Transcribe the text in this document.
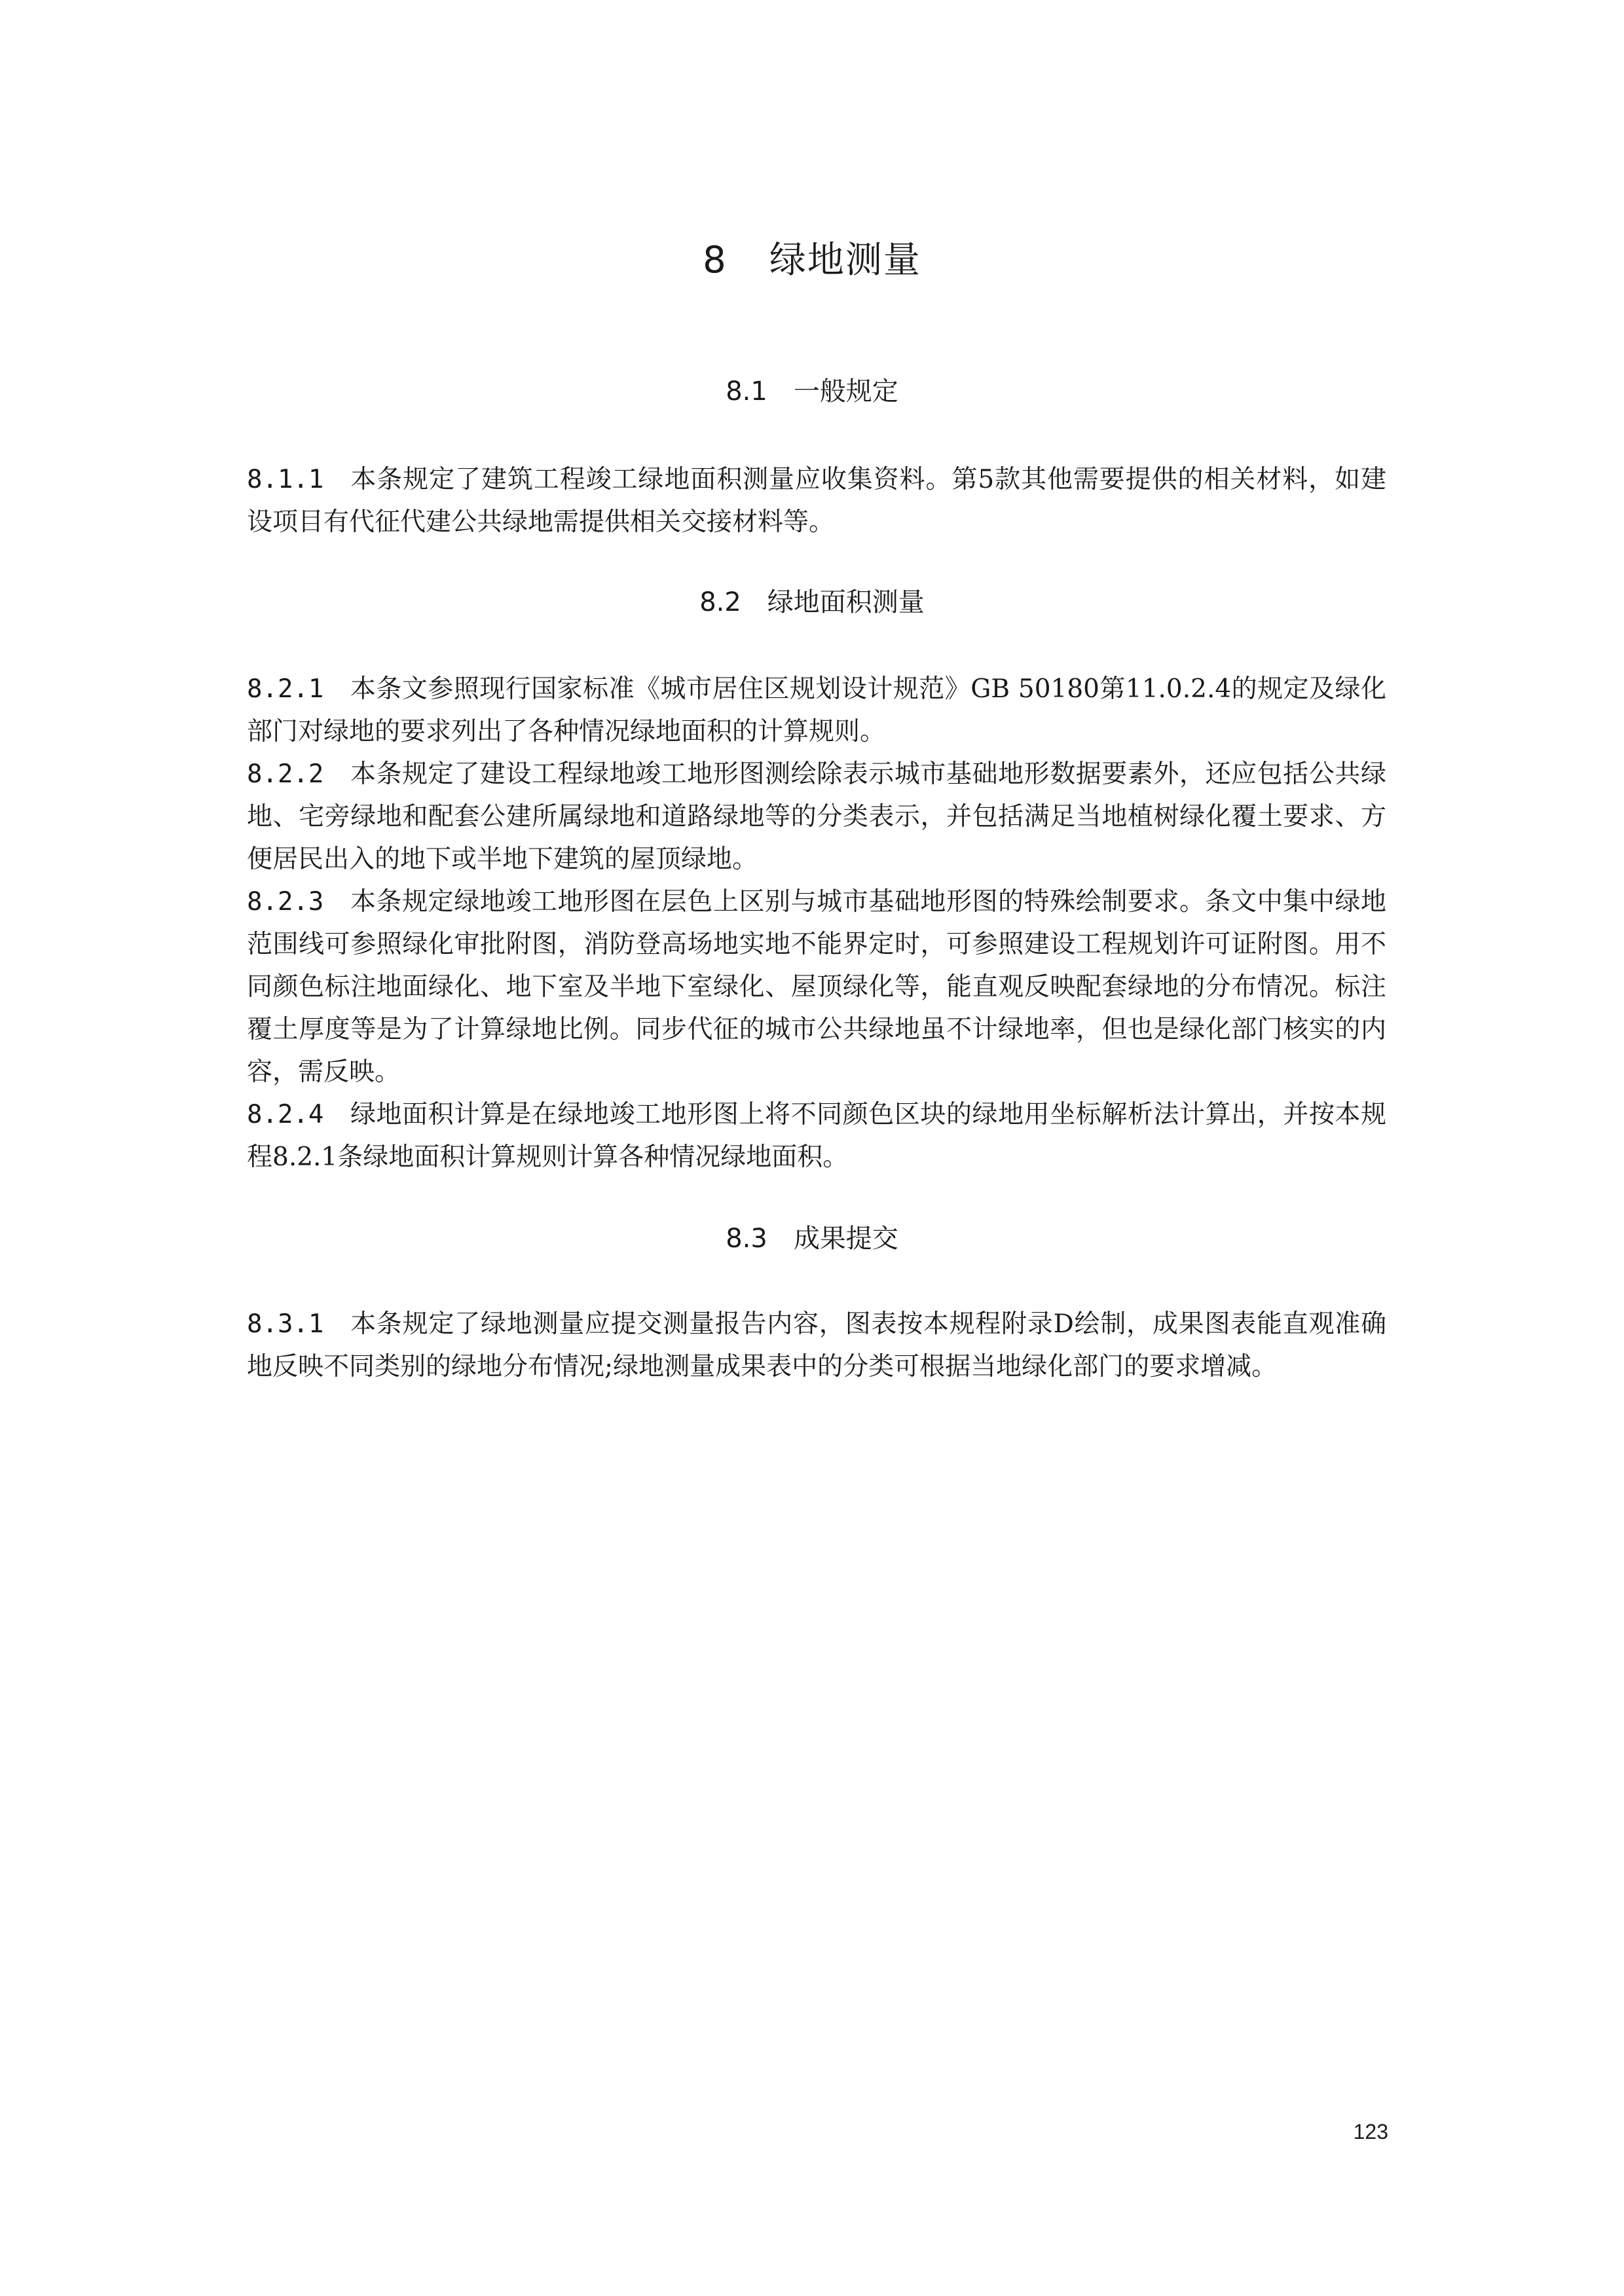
8 绿地测量
8.1 一般规定

8.1.1 本条规定了建筑工程竣工绿地面积测量应收集资料。第5款其他需要提供的相关材料，如建设项目有代征代建公共绿地需提供相关交接材料等。

8.2 绿地面积测量

8.2.1 本条文参照现行国家标准《城市居住区规划设计规范》GB 50180第11.0.2.4的规定及绿化部门对绿地的要求列出了各种情况绿地面积的计算规则。

8.2.2 本条规定了建设工程绿地竣工地形图测绘除表示城市基础地形数据要素外，还应包括公共绿地、宅旁绿地和配套公建所属绿地和道路绿地等的分类表示，并包括满足当地植树绿化覆土要求、方便居民出入的地下或半地下建筑的屋顶绿地。

8.2.3 本条规定绿地竣工地形图在层色上区别与城市基础地形图的特殊绘制要求。条文中集中绿地范围线可参照绿化审批附图，消防登高场地实地不能界定时，可参照建设工程规划许可证附图。用不同颜色标注地面绿化、地下室及半地下室绿化、屋顶绿化等，能直观反映配套绿地的分布情况。标注覆土厚度等是为了计算绿地比例。同步代征的城市公共绿地虽不计绿地率，但也是绿化部门核实的内容，需反映。

8.2.4 绿地面积计算是在绿地竣工地形图上将不同颜色区块的绿地用坐标解析法计算出，并按本规程8.2.1条绿地面积计算规则计算各种情况绿地面积。

8.3 成果提交

8.3.1 本条规定了绿地测量应提交测量报告内容，图表按本规程附录D绘制，成果图表能直观准确地反映不同类别的绿地分布情况;绿地测量成果表中的分类可根据当地绿化部门的要求增减。

123
